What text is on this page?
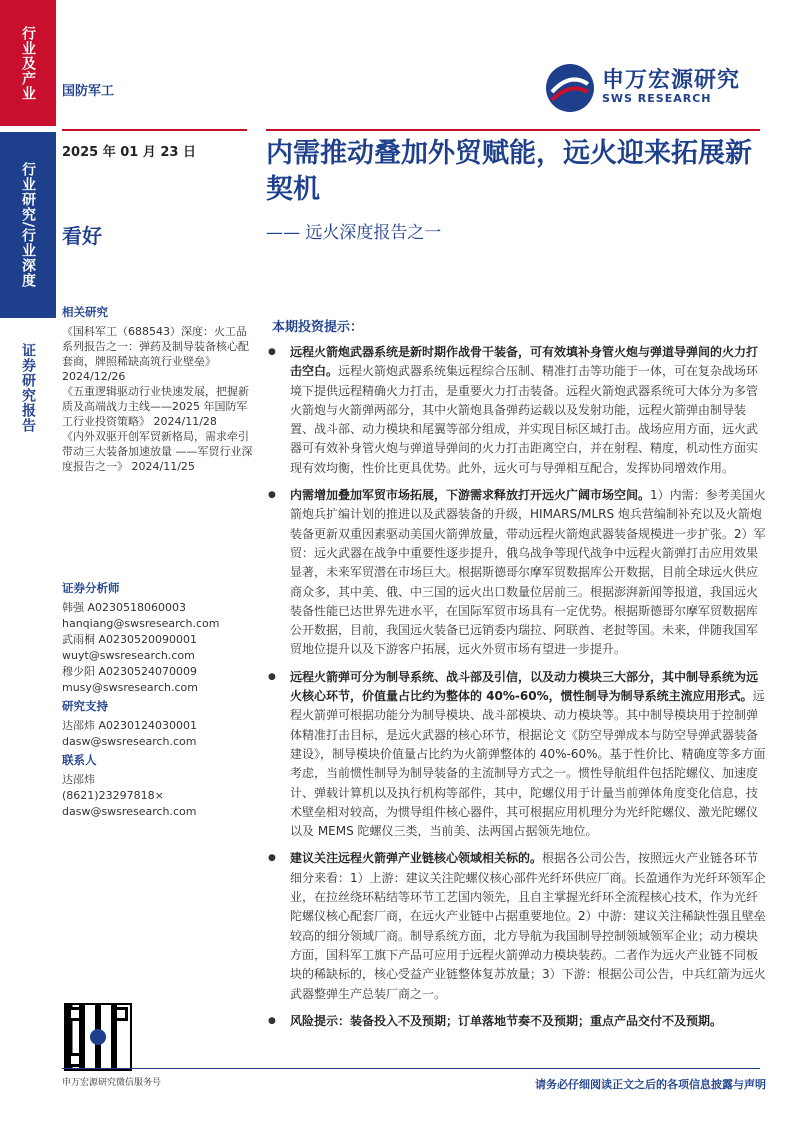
行业及产业
行业研究/行业深度
证券研究报告
国防军工	申万宏源研究
SWS RESEARCH
2025 年 01 月 23 日
看好
内需推动叠加外贸赋能，远火迎来拓展新契机
—— 远火深度报告之一
相关研究
《国科军工（688543）深度：火工品系列报告之一：弹药及制导装备核心配套商，牌照稀缺高筑行业壁垒》 2024/12/26
《五重逻辑驱动行业快速发展，把握新质及高端战力主线——2025 年国防军工行业投资策略》 2024/11/28
《内外双驱开创军贸新格局，需求牵引带动三大装备加速放量 ——军贸行业深度报告之一》 2024/11/25
证券分析师
韩强 A0230518060003
hanqiang@swsresearch.com
武雨桐 A0230520090001
wuyt@swsresearch.com
穆少阳 A0230524070009
musy@swsresearch.com
研究支持
达邵炜 A0230124030001
dasw@swsresearch.com
联系人
达邵炜
(8621)23297818×
dasw@swsresearch.com
申万宏源研究微信服务号
本期投资提示：
● 远程火箭炮武器系统是新时期作战骨干装备，可有效填补身管火炮与弹道导弹间的火力打击空白。远程火箭炮武器系统集远程综合压制、精准打击等功能于一体，可在复杂战场环境下提供远程精确火力打击，是重要火力打击装备。远程火箭炮武器系统可大体分为多管火箭炮与火箭弹两部分，其中火箭炮具备弹药运载以及发射功能，远程火箭弹由制导装置、战斗部、动力模块和尾翼等部分组成，并实现目标区域打击。战场应用方面，远火武器可有效补身管火炮与弹道导弹间的火力打击距离空白，并在射程、精度，机动性方面实现有效均衡，性价比更具优势。此外，远火可与导弹相互配合，发挥协同增效作用。
● 内需增加叠加军贸市场拓展，下游需求释放打开远火广阔市场空间。1）内需：参考美国火箭炮兵扩编计划的推进以及武器装备的升级，HIMARS/MLRS 炮兵营编制补充以及火箭炮装备更新双重因素驱动美国火箭弹放量，带动远程火箭炮武器装备规模进一步扩张。2）军贸：远火武器在战争中重要性逐步提升，俄乌战争等现代战争中远程火箭弹打击应用效果显著，未来军贸潜在市场巨大。根据斯德哥尔摩军贸数据库公开数据，目前全球远火供应商众多，其中美、俄、中三国的远火出口数量位居前三。根据澎湃新闻等报道，我国远火装备性能已达世界先进水平，在国际军贸市场具有一定优势。根据斯德哥尔摩军贸数据库公开数据，目前，我国远火装备已远销委内瑞拉、阿联酋、老挝等国。未来，伴随我国军贸地位提升以及下游客户拓展，远火外贸市场有望进一步提升。
● 远程火箭弹可分为制导系统、战斗部及引信，以及动力模块三大部分，其中制导系统为远火核心环节，价值量占比约为整体的 40%-60%，惯性制导为制导系统主流应用形式。远程火箭弹可根据功能分为制导模块、战斗部模块、动力模块等。其中制导模块用于控制弹体精准打击目标，是远火武器的核心环节，根据论文《防空导弹成本与防空导弹武器装备建设》，制导模块价值量占比约为火箭弹整体的 40%-60%。基于性价比、精确度等多方面考虑，当前惯性制导为制导装备的主流制导方式之一。惯性导航组件包括陀螺仪、加速度计、弹载计算机以及执行机构等部件，其中，陀螺仪用于计量当前弹体角度变化信息，技术壁垒相对较高，为惯导组件核心器件，其可根据应用机理分为光纤陀螺仪、激光陀螺仪以及 MEMS 陀螺仪三类，当前美、法两国占据领先地位。
● 建议关注远程火箭弹产业链核心领域相关标的。根据各公司公告，按照远火产业链各环节细分来看：1）上游：建议关注陀螺仪核心部件光纤环供应厂商。长盈通作为光纤环领军企业，在拉丝绕环粘结等环节工艺国内领先，且自主掌握光纤环全流程核心技术，作为光纤陀螺仪核心配套厂商，在远火产业链中占据重要地位。2）中游：建议关注稀缺性强且壁垒较高的细分领域厂商。制导系统方面，北方导航为我国制导控制领域领军企业；动力模块方面，国科军工旗下产品可应用于远程火箭弹动力模块装药。二者作为远火产业链不同板块的稀缺标的，核心受益产业链整体复苏放量；3）下游：根据公司公告，中兵红箭为远火武器整弹生产总装厂商之一。
● 风险提示：装备投入不及预期；订单落地节奏不及预期；重点产品交付不及预期。
请务必仔细阅读正文之后的各项信息披露与声明
